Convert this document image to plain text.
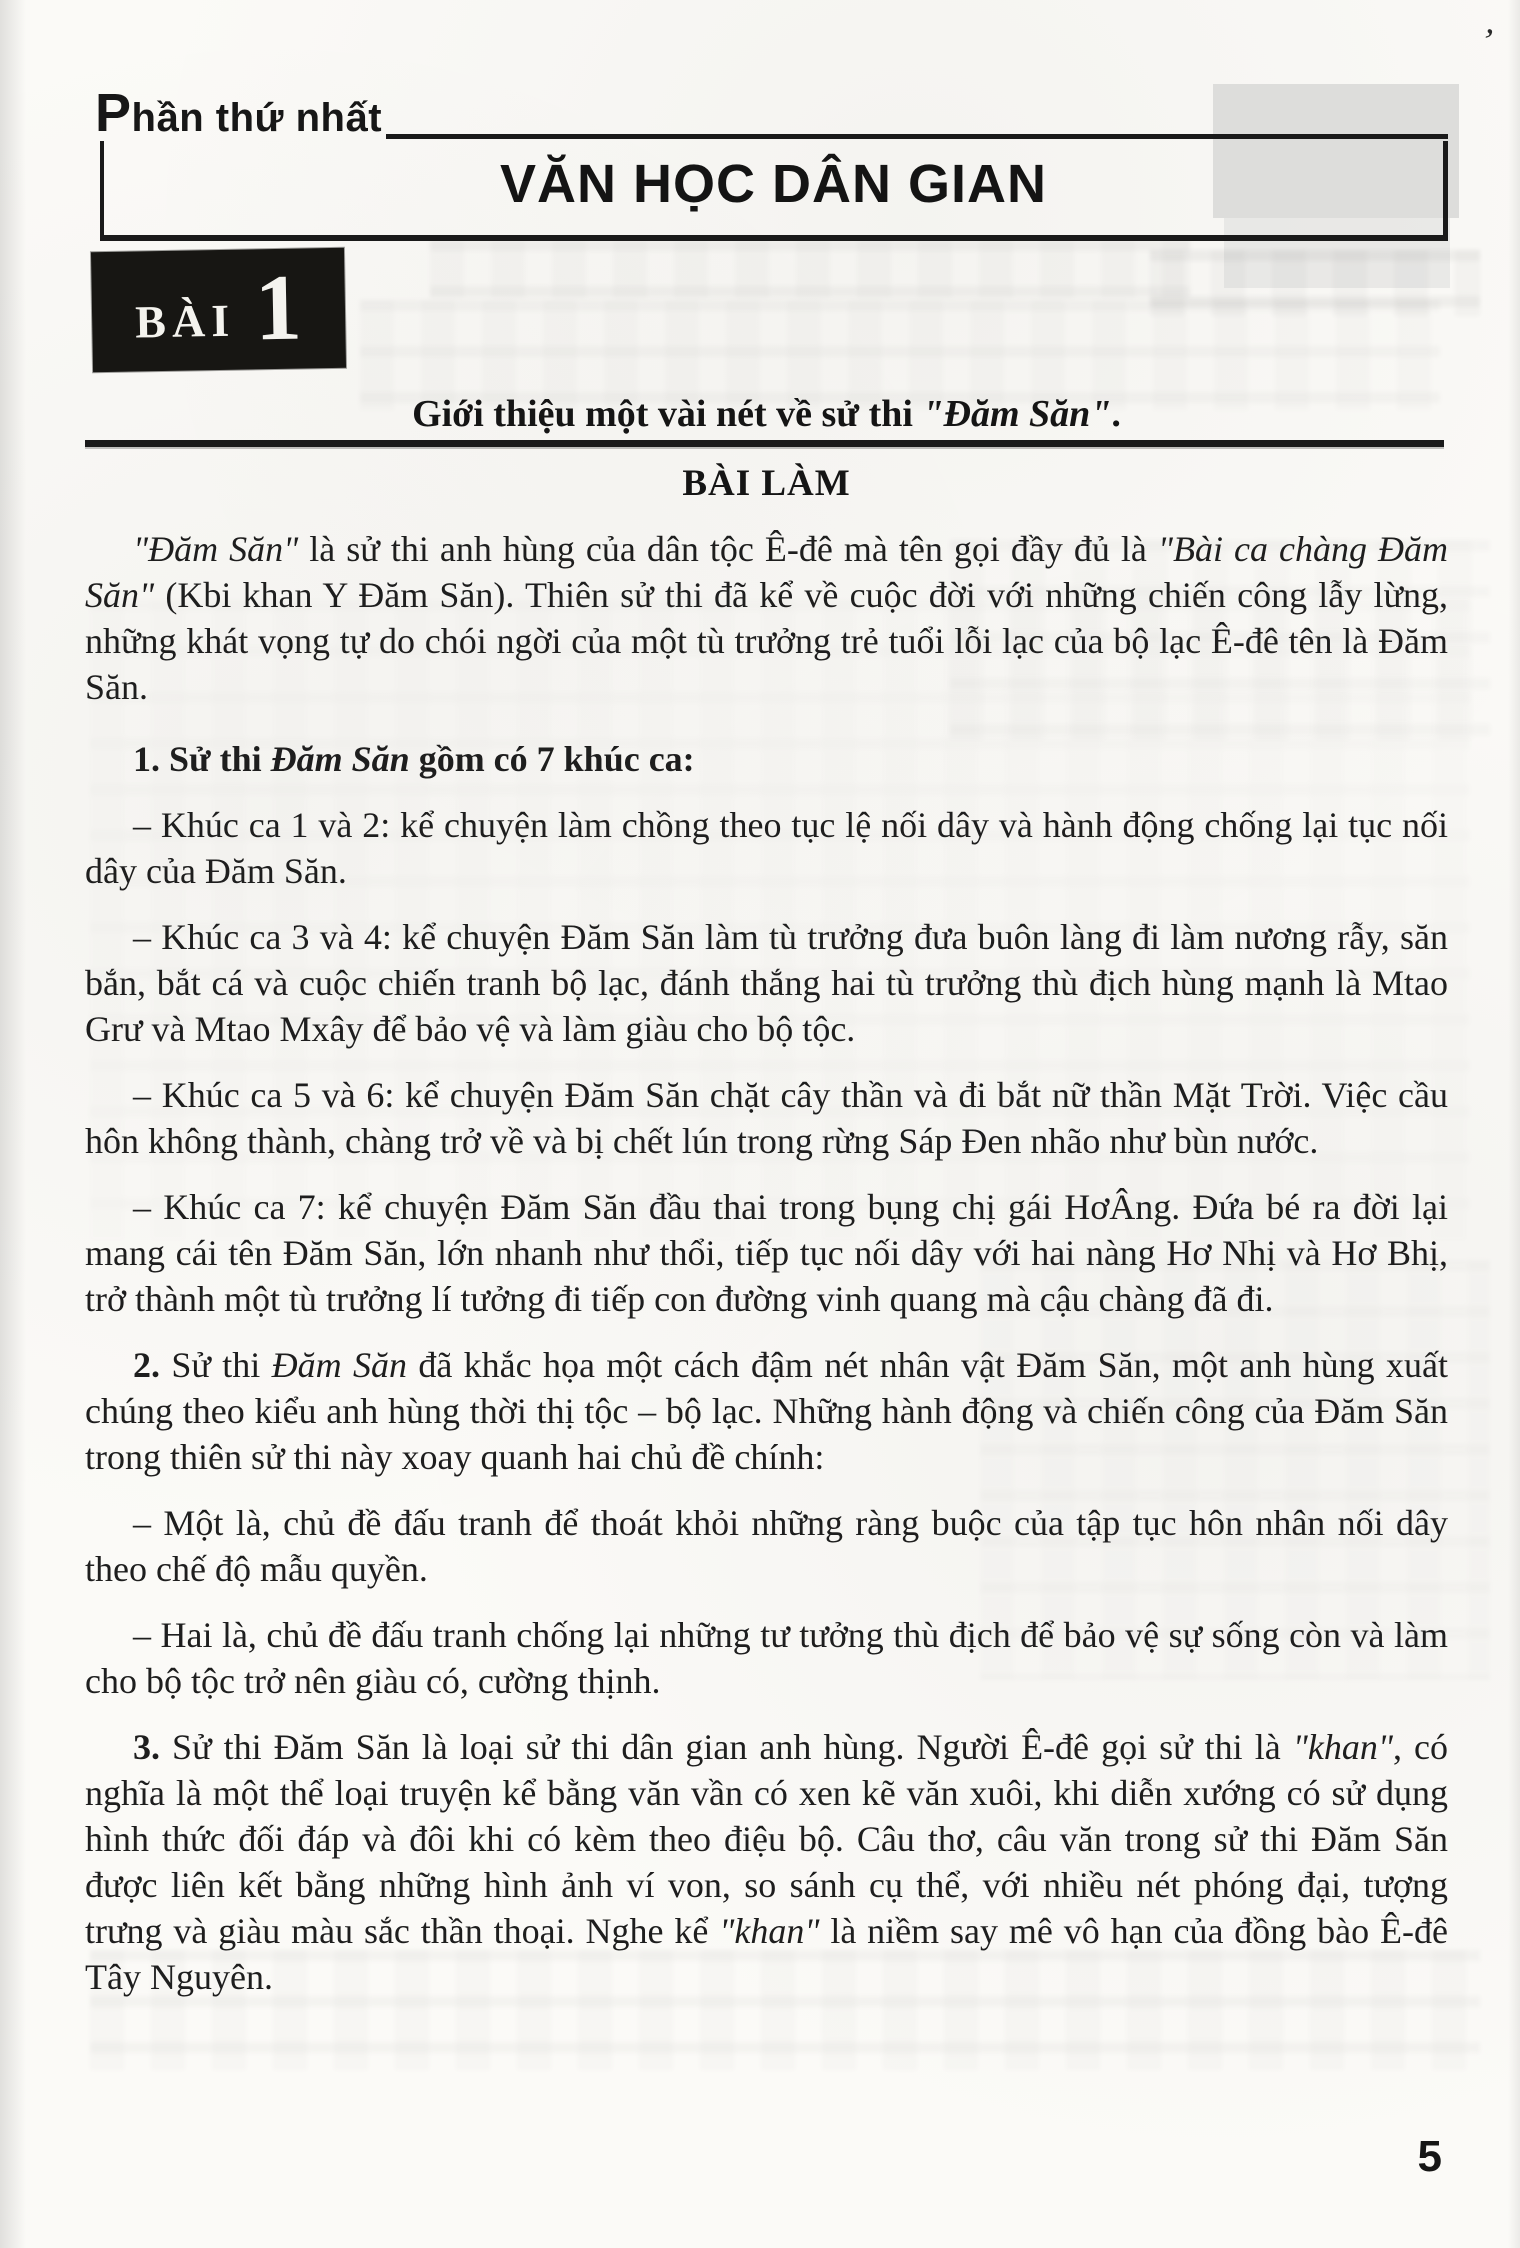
’
Phần thứ nhất
VĂN HỌC DÂN GIAN
BÀI 1
Giới thiệu một vài nét về sử thi "Đăm Săn".
BÀI LÀM

"Đăm Săn" là sử thi anh hùng của dân tộc Ê-đê mà tên gọi đầy đủ là "Bài ca chàng Đăm Săn" (Kbi khan Y Đăm Săn). Thiên sử thi đã kể về cuộc đời với những chiến công lẫy lừng, những khát vọng tự do chói ngời của một tù trưởng trẻ tuổi lỗi lạc của bộ lạc Ê-đê tên là Đăm Săn.

1. Sử thi Đăm Săn gồm có 7 khúc ca:

– Khúc ca 1 và 2: kể chuyện làm chồng theo tục lệ nối dây và hành động chống lại tục nối dây của Đăm Săn.

– Khúc ca 3 và 4: kể chuyện Đăm Săn làm tù trưởng đưa buôn làng đi làm nương rẫy, săn bắn, bắt cá và cuộc chiến tranh bộ lạc, đánh thắng hai tù trưởng thù địch hùng mạnh là Mtao Grư và Mtao Mxây để bảo vệ và làm giàu cho bộ tộc.

– Khúc ca 5 và 6: kể chuyện Đăm Săn chặt cây thần và đi bắt nữ thần Mặt Trời. Việc cầu hôn không thành, chàng trở về và bị chết lún trong rừng Sáp Đen nhão như bùn nước.

– Khúc ca 7: kể chuyện Đăm Săn đầu thai trong bụng chị gái HơÂng. Đứa bé ra đời lại mang cái tên Đăm Săn, lớn nhanh như thổi, tiếp tục nối dây với hai nàng Hơ Nhị và Hơ Bhị, trở thành một tù trưởng lí tưởng đi tiếp con đường vinh quang mà cậu chàng đã đi.

2. Sử thi Đăm Săn đã khắc họa một cách đậm nét nhân vật Đăm Săn, một anh hùng xuất chúng theo kiểu anh hùng thời thị tộc – bộ lạc. Những hành động và chiến công của Đăm Săn trong thiên sử thi này xoay quanh hai chủ đề chính:

– Một là, chủ đề đấu tranh để thoát khỏi những ràng buộc của tập tục hôn nhân nối dây theo chế độ mẫu quyền.

– Hai là, chủ đề đấu tranh chống lại những tư tưởng thù địch để bảo vệ sự sống còn và làm cho bộ tộc trở nên giàu có, cường thịnh.

3. Sử thi Đăm Săn là loại sử thi dân gian anh hùng. Người Ê-đê gọi sử thi là "khan", có nghĩa là một thể loại truyện kể bằng văn vần có xen kẽ văn xuôi, khi diễn xướng có sử dụng hình thức đối đáp và đôi khi có kèm theo điệu bộ. Câu thơ, câu văn trong sử thi Đăm Săn được liên kết bằng những hình ảnh ví von, so sánh cụ thể, với nhiều nét phóng đại, tượng trưng và giàu màu sắc thần thoại. Nghe kể "khan" là niềm say mê vô hạn của đồng bào Ê-đê Tây Nguyên.

5
